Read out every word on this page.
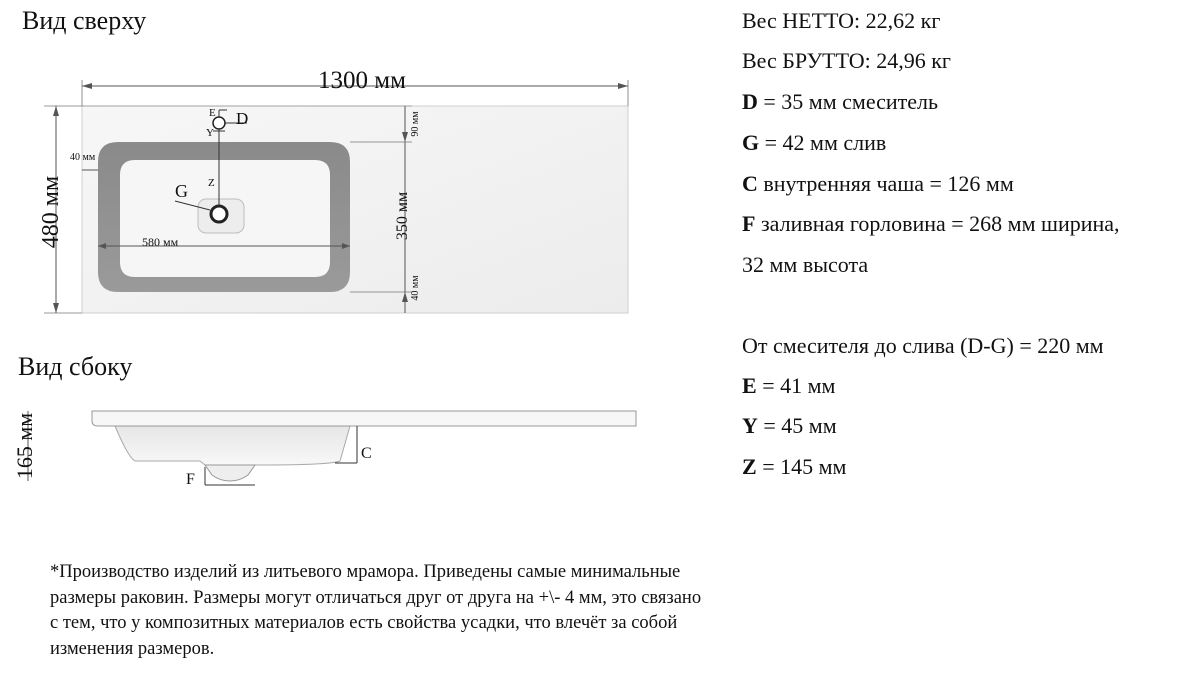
Вид сверху
Вид сбоку
1300 мм
480 мм
40 мм
90 мм
350 мм
40 мм
580 мм
E D
Y
Z
G
165 мм	C
F
Вес НЕТТО: 22,62 кг
Вес БРУТТО: 24,96 кг
D = 35 мм смеситель
G = 42 мм слив
C внутренняя чаша = 126 мм
F заливная горловина = 268 мм ширина,
32 мм высота
От смесителя до слива (D-G) = 220 мм
E = 41 мм
Y = 45 мм
Z = 145 мм
*Производство изделий из литьевого мрамора. Приведены самые минимальные размеры раковин. Размеры могут отличаться друг от друга на +\- 4 мм, это связано с тем, что у композитных материалов есть свойства усадки, что влечёт за собой изменения размеров.
